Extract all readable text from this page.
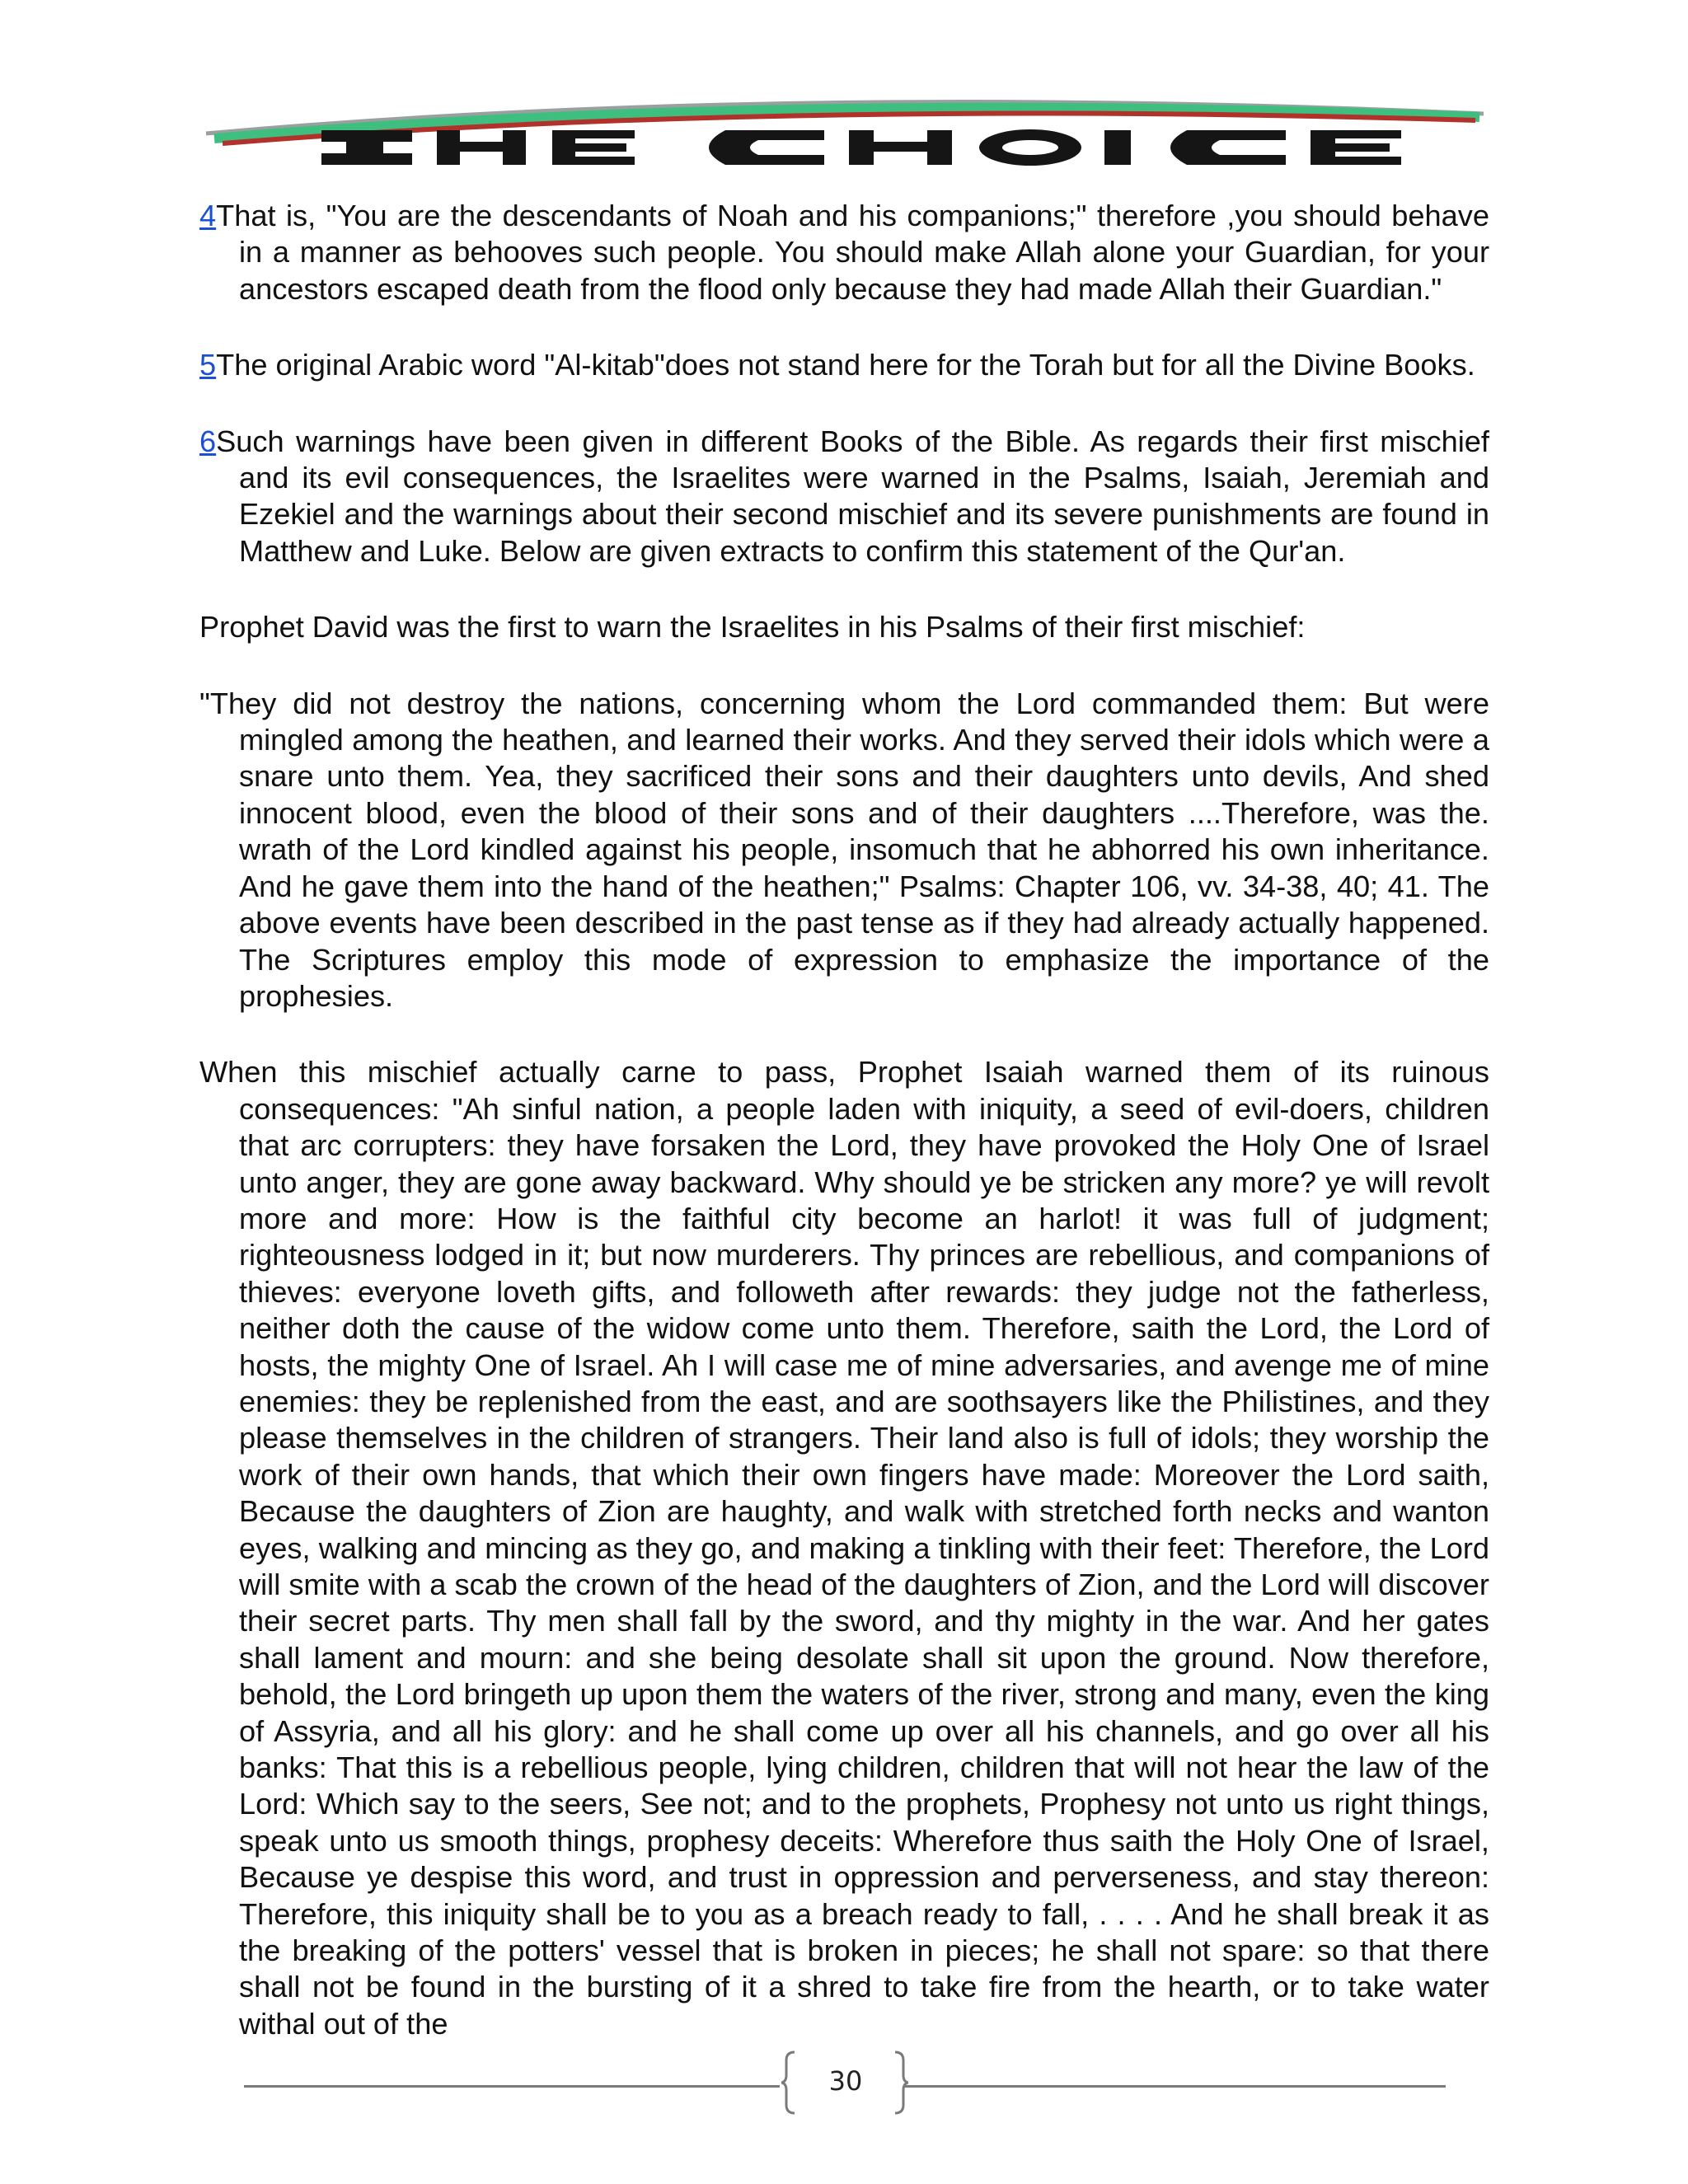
4That is, "You are the descendants of Noah and his companions;" therefore ,you should behave in a manner as behooves such people. You should make Allah alone your Guardian, for your ancestors escaped death from the flood only because they had made Allah their Guardian."

5The original Arabic word "Al-kitab"does not stand here for the Torah but for all the Divine Books.

6Such warnings have been given in different Books of the Bible. As regards their first mischief and its evil consequences, the Israelites were warned in the Psalms, Isaiah, Jeremiah and Ezekiel and the warnings about their second mischief and its severe punishments are found in Matthew and Luke. Below are given extracts to confirm this statement of the Qur'an.

Prophet David was the first to warn the Israelites in his Psalms of their first mischief:

"They did not destroy the nations, concerning whom the Lord commanded them: But were mingled among the heathen, and learned their works. And they served their idols which were a snare unto them. Yea, they sacrificed their sons and their daughters unto devils, And shed innocent blood, even the blood of their sons and of their daughters ....Therefore, was the. wrath of the Lord kindled against his people, insomuch that he abhorred his own inheritance. And he gave them into the hand of the heathen;" Psalms: Chapter 106, vv. 34-38, 40; 41. The above events have been described in the past tense as if they had already actually happened. The Scriptures employ this mode of expression to emphasize the importance of the prophesies.

When this mischief actually carne to pass, Prophet Isaiah warned them of its ruinous consequences: "Ah sinful nation, a people laden with iniquity, a seed of evil-doers, children that arc corrupters: they have forsaken the Lord, they have provoked the Holy One of Israel unto anger, they are gone away backward. Why should ye be stricken any more? ye will revolt more and more: How is the faithful city become an harlot! it was full of judgment; righteousness lodged in it; but now murderers. Thy princes are rebellious, and companions of thieves: everyone loveth gifts, and followeth after rewards: they judge not the fatherless, neither doth the cause of the widow come unto them. Therefore, saith the Lord, the Lord of hosts, the mighty One of Israel. Ah I will case me of mine adversaries, and avenge me of mine enemies: they be replenished from the east, and are soothsayers like the Philistines, and they please themselves in the children of strangers. Their land also is full of idols; they worship the work of their own hands, that which their own fingers have made: Moreover the Lord saith, Because the daughters of Zion are haughty, and walk with stretched forth necks and wanton eyes, walking and mincing as they go, and making a tinkling with their feet: Therefore, the Lord will smite with a scab the crown of the head of the daughters of Zion, and the Lord will discover their secret parts. Thy men shall fall by the sword, and thy mighty in the war. And her gates shall lament and mourn: and she being desolate shall sit upon the ground. Now therefore, behold, the Lord bringeth up upon them the waters of the river, strong and many, even the king of Assyria, and all his glory: and he shall come up over all his channels, and go over all his banks: That this is a rebellious people, lying children, children that will not hear the law of the Lord: Which say to the seers, See not; and to the prophets, Prophesy not unto us right things, speak unto us smooth things, prophesy deceits: Wherefore thus saith the Holy One of Israel, Because ye despise this word, and trust in oppression and perverseness, and stay thereon: Therefore, this iniquity shall be to you as a breach ready to fall, . . . . And he shall break it as the breaking of the potters' vessel that is broken in pieces; he shall not spare: so that there shall not be found in the bursting of it a shred to take fire from the hearth, or to take water withal out of the

30
